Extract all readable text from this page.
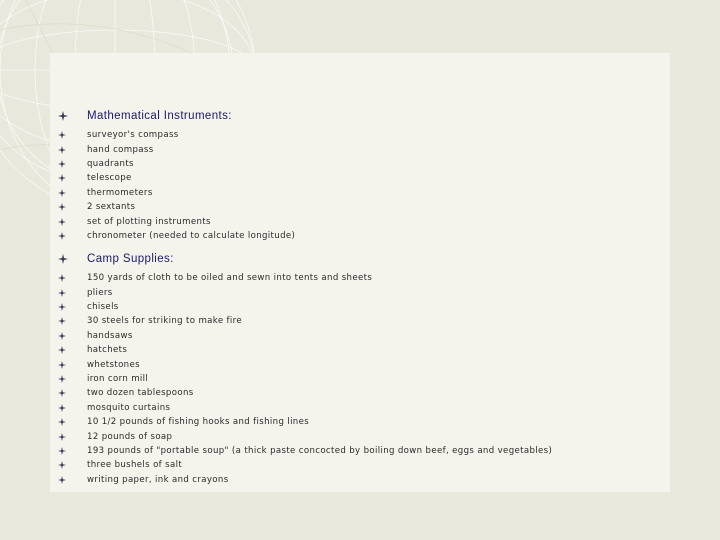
Mathematical Instruments:
surveyor's compass
hand compass
quadrants
telescope
thermometers
2 sextants
set of plotting instruments
chronometer (needed to calculate longitude)
Camp Supplies:
150 yards of cloth to be oiled and sewn into tents and sheets
pliers
chisels
30 steels for striking to make fire
handsaws
hatchets
whetstones
iron corn mill
two dozen tablespoons
mosquito curtains
10 1/2 pounds of fishing hooks and fishing lines
12 pounds of soap
193 pounds of "portable soup" (a thick paste concocted by boiling down beef, eggs and vegetables)
three bushels of salt
writing paper, ink and crayons
